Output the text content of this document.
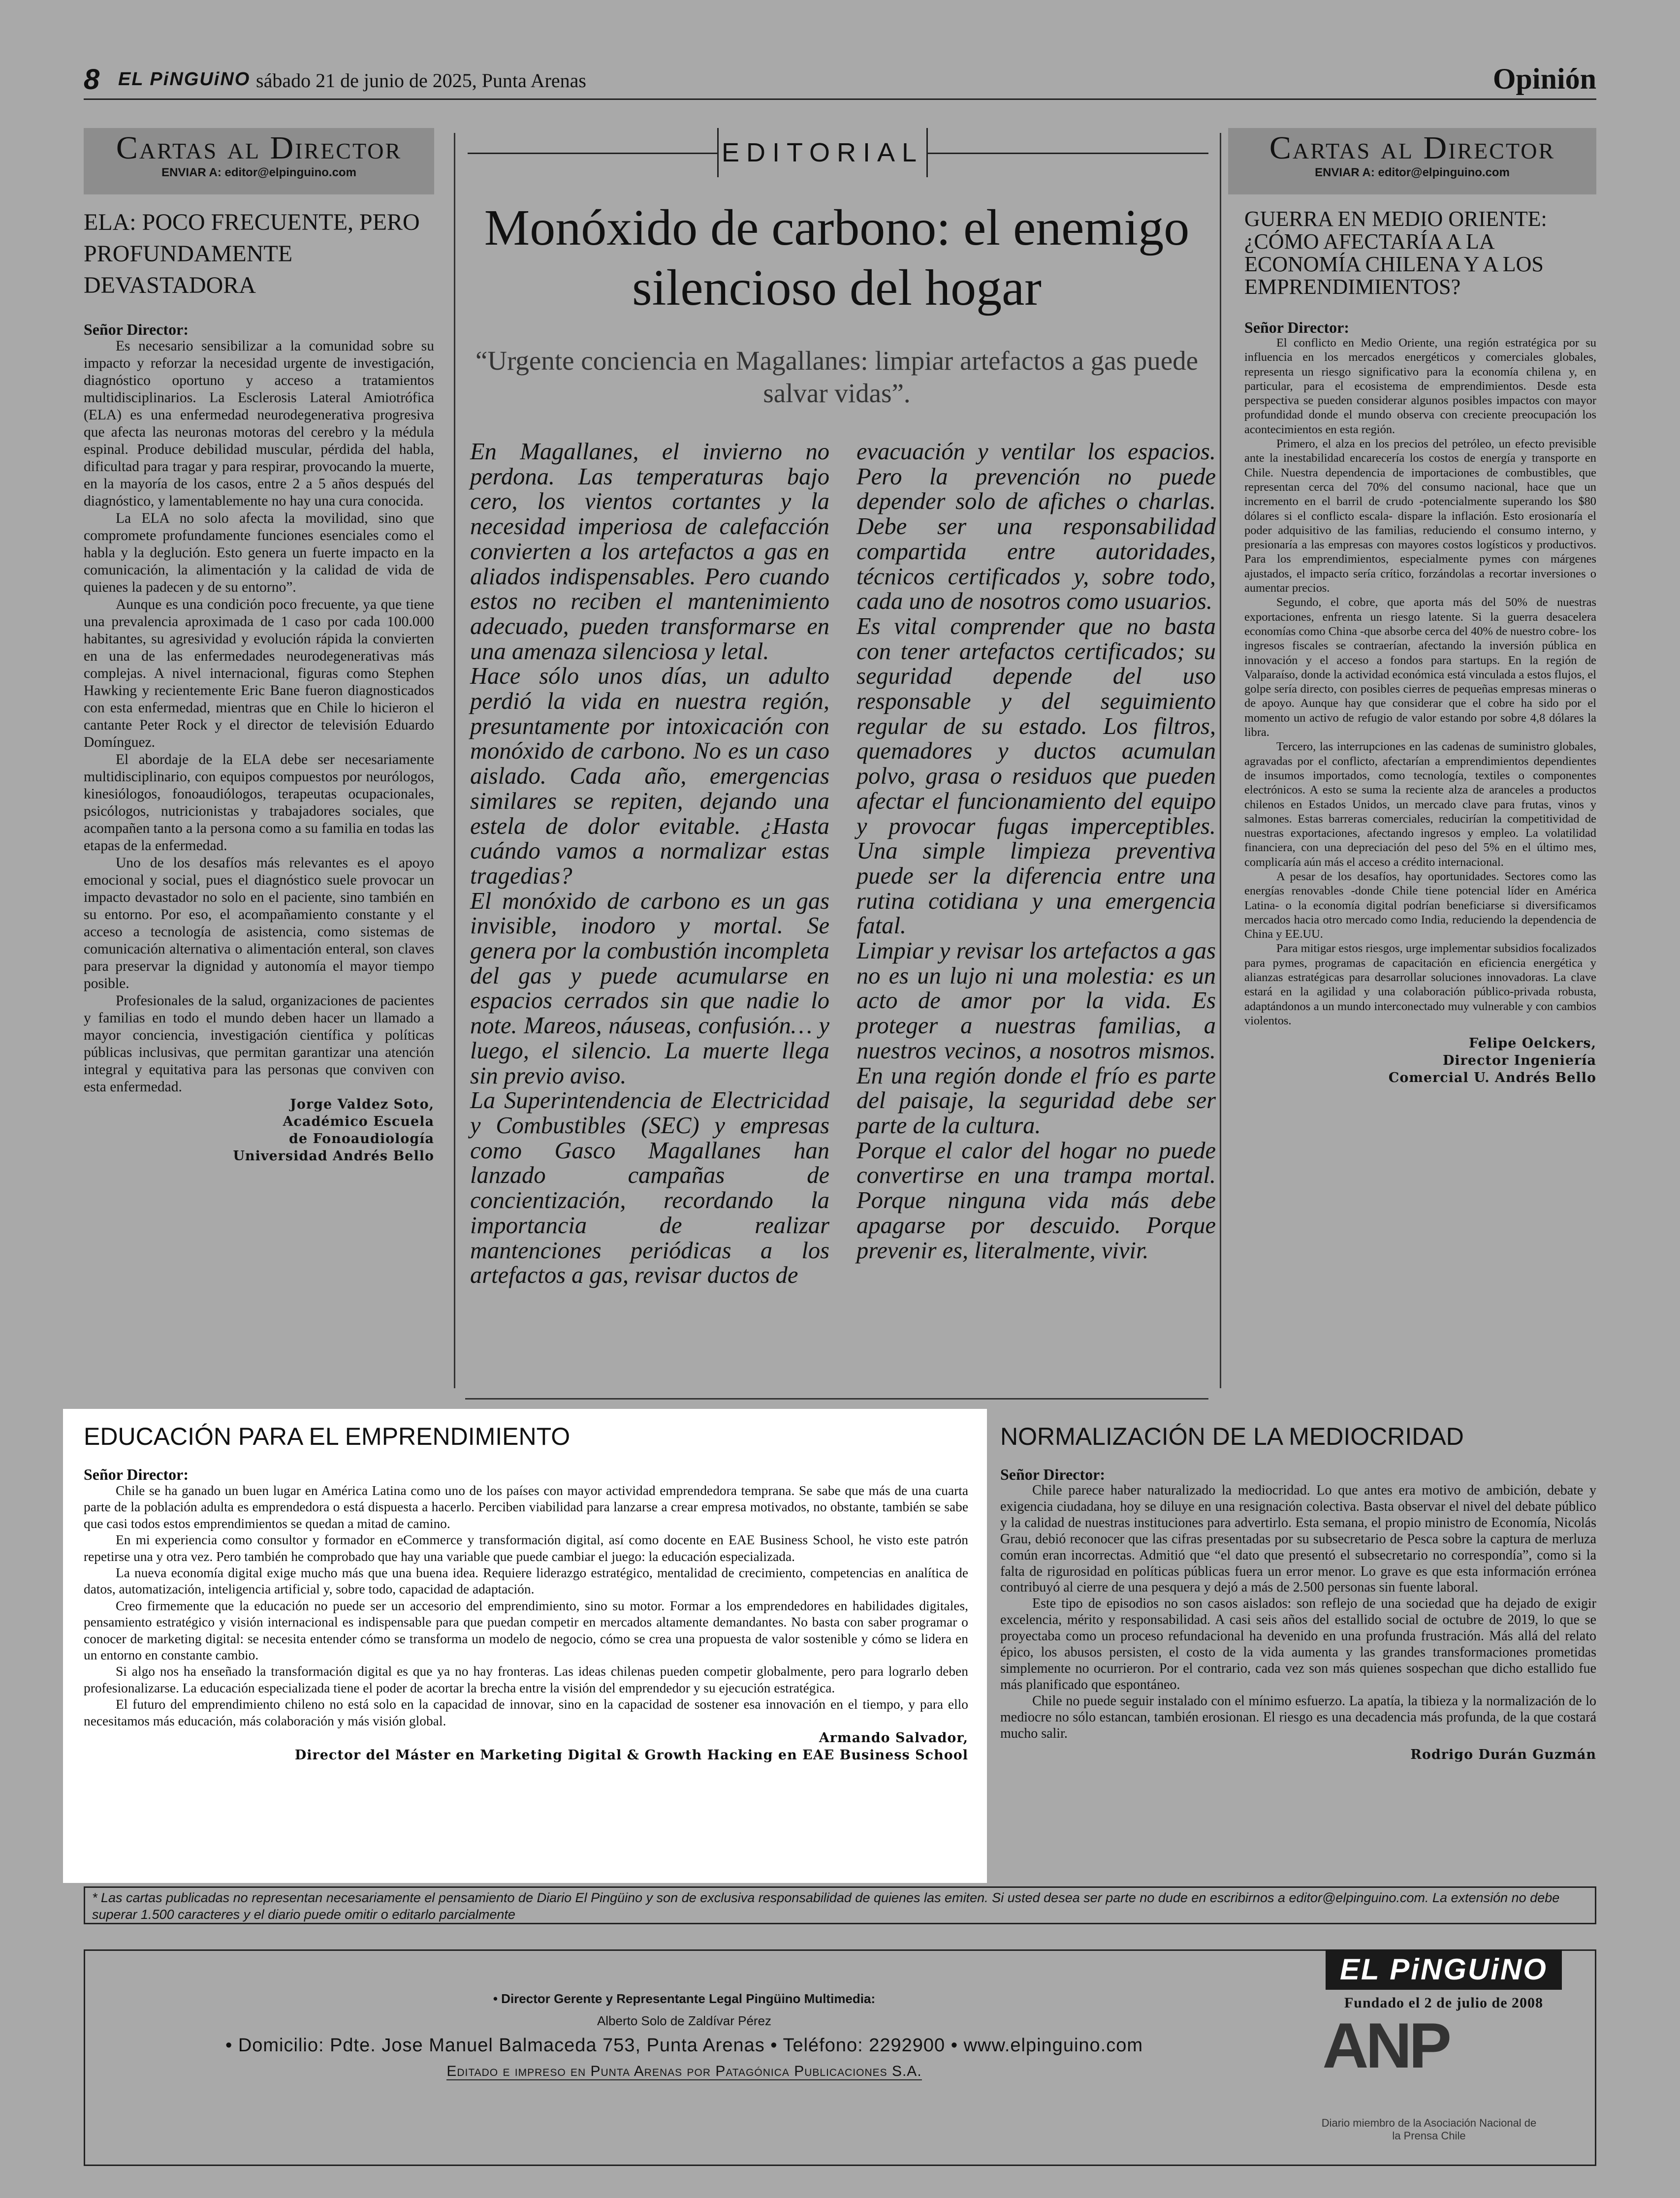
8 EL PiNGUiNO sábado 21 de junio de 2025, Punta Arenas	Opinión
Cartas al Director
ENVIAR A: editor@elpinguino.com
ELA: POCO FRECUENTE, PERO PROFUNDAMENTE DEVASTADORA
Señor Director:

Es necesario sensibilizar a la comunidad sobre su impacto y reforzar la necesidad urgente de investigación, diagnóstico oportuno y acceso a tratamientos multidisciplinarios. La Esclerosis Lateral Amiotrófica (ELA) es una enfermedad neurodegenerativa progresiva que afecta las neuronas motoras del cerebro y la médula espinal. Produce debilidad muscular, pérdida del habla, dificultad para tragar y para respirar, provocando la muerte, en la mayoría de los casos, entre 2 a 5 años después del diagnóstico, y lamentablemente no hay una cura conocida.

La ELA no solo afecta la movilidad, sino que compromete profundamente funciones esenciales como el habla y la deglución. Esto genera un fuerte impacto en la comunicación, la alimentación y la calidad de vida de quienes la padecen y de su entorno”.

Aunque es una condición poco frecuente, ya que tiene una prevalencia aproximada de 1 caso por cada 100.000 habitantes, su agresividad y evolución rápida la convierten en una de las enfermedades neurodegenerativas más complejas. A nivel internacional, figuras como Stephen Hawking y recientemente Eric Bane fueron diagnosticados con esta enfermedad, mientras que en Chile lo hicieron el cantante Peter Rock y el director de televisión Eduardo Domínguez.

El abordaje de la ELA debe ser necesariamente multidisciplinario, con equipos compuestos por neurólogos, kinesiólogos, fonoaudiólogos, terapeutas ocupacionales, psicólogos, nutricionistas y trabajadores sociales, que acompañen tanto a la persona como a su familia en todas las etapas de la enfermedad.

Uno de los desafíos más relevantes es el apoyo emocional y social, pues el diagnóstico suele provocar un impacto devastador no solo en el paciente, sino también en su entorno. Por eso, el acompañamiento constante y el acceso a tecnología de asistencia, como sistemas de comunicación alternativa o alimentación enteral, son claves para preservar la dignidad y autonomía el mayor tiempo posible.

Profesionales de la salud, organizaciones de pacientes y familias en todo el mundo deben hacer un llamado a mayor conciencia, investigación científica y políticas públicas inclusivas, que permitan garantizar una atención integral y equitativa para las personas que conviven con esta enfermedad.

Jorge Valdez Soto,
Académico Escuela
de Fonoaudiología
Universidad Andrés Bello
EDITORIAL
Monóxido de carbono: el enemigo silencioso del hogar
“Urgente conciencia en Magallanes: limpiar artefactos a gas puede salvar vidas”.

En Magallanes, el invierno no perdona. Las temperaturas bajo cero, los vientos cortantes y la necesidad imperiosa de calefacción convierten a los artefactos a gas en aliados indispensables. Pero cuando estos no reciben el mantenimiento adecuado, pueden transformarse en una amenaza silenciosa y letal.

Hace sólo unos días, un adulto perdió la vida en nuestra región, presuntamente por intoxicación con monóxido de carbono. No es un caso aislado. Cada año, emergencias similares se repiten, dejando una estela de dolor evitable. ¿Hasta cuándo vamos a normalizar estas tragedias?

El monóxido de carbono es un gas invisible, inodoro y mortal. Se genera por la combustión incompleta del gas y puede acumularse en espacios cerrados sin que nadie lo note. Mareos, náuseas, confusión… y luego, el silencio. La muerte llega sin previo aviso.

La Superintendencia de Electricidad y Combustibles (SEC) y empresas como Gasco Magallanes han lanzado campañas de concientización, recordando la importancia de realizar mantenciones periódicas a los artefactos a gas, revisar ductos de

evacuación y ventilar los espacios. Pero la prevención no puede depender solo de afiches o charlas. Debe ser una responsabilidad compartida entre autoridades, técnicos certificados y, sobre todo, cada uno de nosotros como usuarios.

Es vital comprender que no basta con tener artefactos certificados; su seguridad depende del uso responsable y del seguimiento regular de su estado. Los filtros, quemadores y ductos acumulan polvo, grasa o residuos que pueden afectar el funcionamiento del equipo y provocar fugas imperceptibles. Una simple limpieza preventiva puede ser la diferencia entre una rutina cotidiana y una emergencia fatal.

Limpiar y revisar los artefactos a gas no es un lujo ni una molestia: es un acto de amor por la vida. Es proteger a nuestras familias, a nuestros vecinos, a nosotros mismos. En una región donde el frío es parte del paisaje, la seguridad debe ser parte de la cultura.

Porque el calor del hogar no puede convertirse en una trampa mortal. Porque ninguna vida más debe apagarse por descuido. Porque prevenir es, literalmente, vivir.

Cartas al Director
ENVIAR A: editor@elpinguino.com
GUERRA EN MEDIO ORIENTE: ¿CÓMO AFECTARÍA A LA ECONOMÍA CHILENA Y A LOS EMPRENDIMIENTOS?
Señor Director:

El conflicto en Medio Oriente, una región estratégica por su influencia en los mercados energéticos y comerciales globales, representa un riesgo significativo para la economía chilena y, en particular, para el ecosistema de emprendimientos. Desde esta perspectiva se pueden considerar algunos posibles impactos con mayor profundidad donde el mundo observa con creciente preocupación los acontecimientos en esta región.

Primero, el alza en los precios del petróleo, un efecto previsible ante la inestabilidad encarecería los costos de energía y transporte en Chile. Nuestra dependencia de importaciones de combustibles, que representan cerca del 70% del consumo nacional, hace que un incremento en el barril de crudo -potencialmente superando los $80 dólares si el conflicto escala- dispare la inflación. Esto erosionaría el poder adquisitivo de las familias, reduciendo el consumo interno, y presionaría a las empresas con mayores costos logísticos y productivos. Para los emprendimientos, especialmente pymes con márgenes ajustados, el impacto sería crítico, forzándolas a recortar inversiones o aumentar precios.

Segundo, el cobre, que aporta más del 50% de nuestras exportaciones, enfrenta un riesgo latente. Si la guerra desacelera economías como China -que absorbe cerca del 40% de nuestro cobre- los ingresos fiscales se contraerían, afectando la inversión pública en innovación y el acceso a fondos para startups. En la región de Valparaíso, donde la actividad económica está vinculada a estos flujos, el golpe sería directo, con posibles cierres de pequeñas empresas mineras o de apoyo. Aunque hay que considerar que el cobre ha sido por el momento un activo de refugio de valor estando por sobre 4,8 dólares la libra.

Tercero, las interrupciones en las cadenas de suministro globales, agravadas por el conflicto, afectarían a emprendimientos dependientes de insumos importados, como tecnología, textiles o componentes electrónicos. A esto se suma la reciente alza de aranceles a productos chilenos en Estados Unidos, un mercado clave para frutas, vinos y salmones. Estas barreras comerciales, reducirían la competitividad de nuestras exportaciones, afectando ingresos y empleo. La volatilidad financiera, con una depreciación del peso del 5% en el último mes, complicaría aún más el acceso a crédito internacional.

A pesar de los desafíos, hay oportunidades. Sectores como las energías renovables -donde Chile tiene potencial líder en América Latina- o la economía digital podrían beneficiarse si diversificamos mercados hacia otro mercado como India, reduciendo la dependencia de China y EE.UU.

Para mitigar estos riesgos, urge implementar subsidios focalizados para pymes, programas de capacitación en eficiencia energética y alianzas estratégicas para desarrollar soluciones innovadoras. La clave estará en la agilidad y una colaboración público-privada robusta, adaptándonos a un mundo interconectado muy vulnerable y con cambios violentos.

Felipe Oelckers,
Director Ingeniería
Comercial U. Andrés Bello
EDUCACIÓN PARA EL EMPRENDIMIENTO
Señor Director:

Chile se ha ganado un buen lugar en América Latina como uno de los países con mayor actividad emprendedora temprana. Se sabe que más de una cuarta parte de la población adulta es emprendedora o está dispuesta a hacerlo. Perciben viabilidad para lanzarse a crear empresa motivados, no obstante, también se sabe que casi todos estos emprendimientos se quedan a mitad de camino.

En mi experiencia como consultor y formador en eCommerce y transformación digital, así como docente en EAE Business School, he visto este patrón repetirse una y otra vez. Pero también he comprobado que hay una variable que puede cambiar el juego: la educación especializada.

La nueva economía digital exige mucho más que una buena idea. Requiere liderazgo estratégico, mentalidad de crecimiento, competencias en analítica de datos, automatización, inteligencia artificial y, sobre todo, capacidad de adaptación.

Creo firmemente que la educación no puede ser un accesorio del emprendimiento, sino su motor. Formar a los emprendedores en habilidades digitales, pensamiento estratégico y visión internacional es indispensable para que puedan competir en mercados altamente demandantes. No basta con saber programar o conocer de marketing digital: se necesita entender cómo se transforma un modelo de negocio, cómo se crea una propuesta de valor sostenible y cómo se lidera en un entorno en constante cambio.

Si algo nos ha enseñado la transformación digital es que ya no hay fronteras. Las ideas chilenas pueden competir globalmente, pero para lograrlo deben profesionalizarse. La educación especializada tiene el poder de acortar la brecha entre la visión del emprendedor y su ejecución estratégica.

El futuro del emprendimiento chileno no está solo en la capacidad de innovar, sino en la capacidad de sostener esa innovación en el tiempo, y para ello necesitamos más educación, más colaboración y más visión global.

Armando Salvador,
Director del Máster en Marketing Digital & Growth Hacking en EAE Business School
NORMALIZACIÓN DE LA MEDIOCRIDAD
Señor Director:

Chile parece haber naturalizado la mediocridad. Lo que antes era motivo de ambición, debate y exigencia ciudadana, hoy se diluye en una resignación colectiva. Basta observar el nivel del debate público y la calidad de nuestras instituciones para advertirlo. Esta semana, el propio ministro de Economía, Nicolás Grau, debió reconocer que las cifras presentadas por su subsecretario de Pesca sobre la captura de merluza común eran incorrectas. Admitió que “el dato que presentó el subsecretario no correspondía”, como si la falta de rigurosidad en políticas públicas fuera un error menor. Lo grave es que esta información errónea contribuyó al cierre de una pesquera y dejó a más de 2.500 personas sin fuente laboral.

Este tipo de episodios no son casos aislados: son reflejo de una sociedad que ha dejado de exigir excelencia, mérito y responsabilidad. A casi seis años del estallido social de octubre de 2019, lo que se proyectaba como un proceso refundacional ha devenido en una profunda frustración. Más allá del relato épico, los abusos persisten, el costo de la vida aumenta y las grandes transformaciones prometidas simplemente no ocurrieron. Por el contrario, cada vez son más quienes sospechan que dicho estallido fue más planificado que espontáneo.

Chile no puede seguir instalado con el mínimo esfuerzo. La apatía, la tibieza y la normalización de lo mediocre no sólo estancan, también erosionan. El riesgo es una decadencia más profunda, de la que costará mucho salir.

Rodrigo Durán Guzmán
* Las cartas publicadas no representan necesariamente el pensamiento de Diario El Pingüino y son de exclusiva responsabilidad de quienes las emiten. Si usted desea ser parte no dude en escribirnos a editor@elpinguino.com. La extensión no debe superar 1.500 caracteres y el diario puede omitir o editarlo parcialmente
• Director Gerente y Representante Legal Pingüino Multimedia:
Alberto Solo de Zaldívar Pérez
• Domicilio: Pdte. Jose Manuel Balmaceda 753, Punta Arenas • Teléfono: 2292900 • www.elpinguino.com
Editado e impreso en Punta Arenas por Patagónica Publicaciones S.A.
EL PiNGUiNO
Fundado el 2 de julio de 2008
ANP
Diario miembro de la Asociación Nacional de la Prensa Chile
